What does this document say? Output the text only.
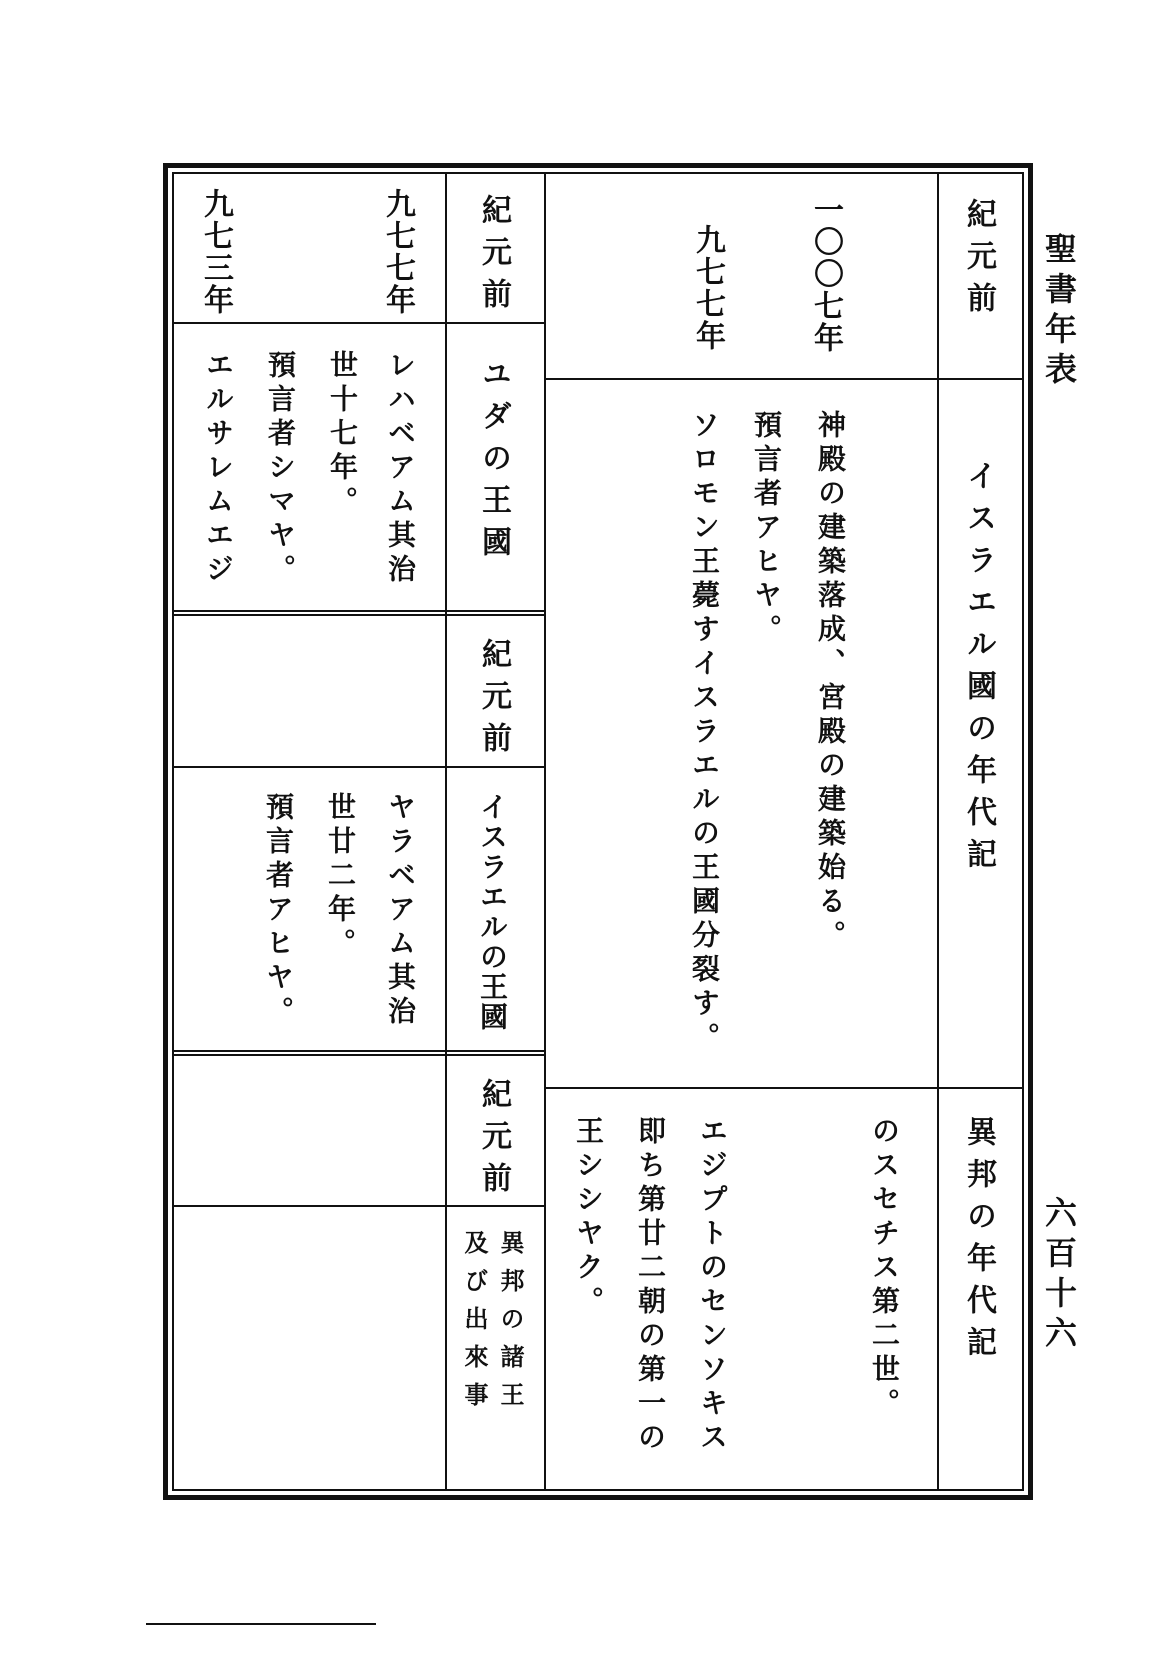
聖書年表
六百十六
紀元前
一〇〇七年
九七七年
イスラエル國の年代記
神殿の建築落成、宮殿の建築始る。
預言者アヒヤ。
ソロモン王薨すイスラエルの王國分裂す。
異邦の年代記
のスセチス第二世。
エジプトのセンソキス
即ち第廿二朝の第一の
王シシヤク。
紀元前
九七七年
九七三年
ユダの王國
レハベアム其治
世十七年。
預言者シマヤ。
エルサレムエジ
紀元前
イスラエルの王國
ヤラベアム其治
世廿二年。
預言者アヒヤ。
紀元前
異邦の諸王
及び出來事
